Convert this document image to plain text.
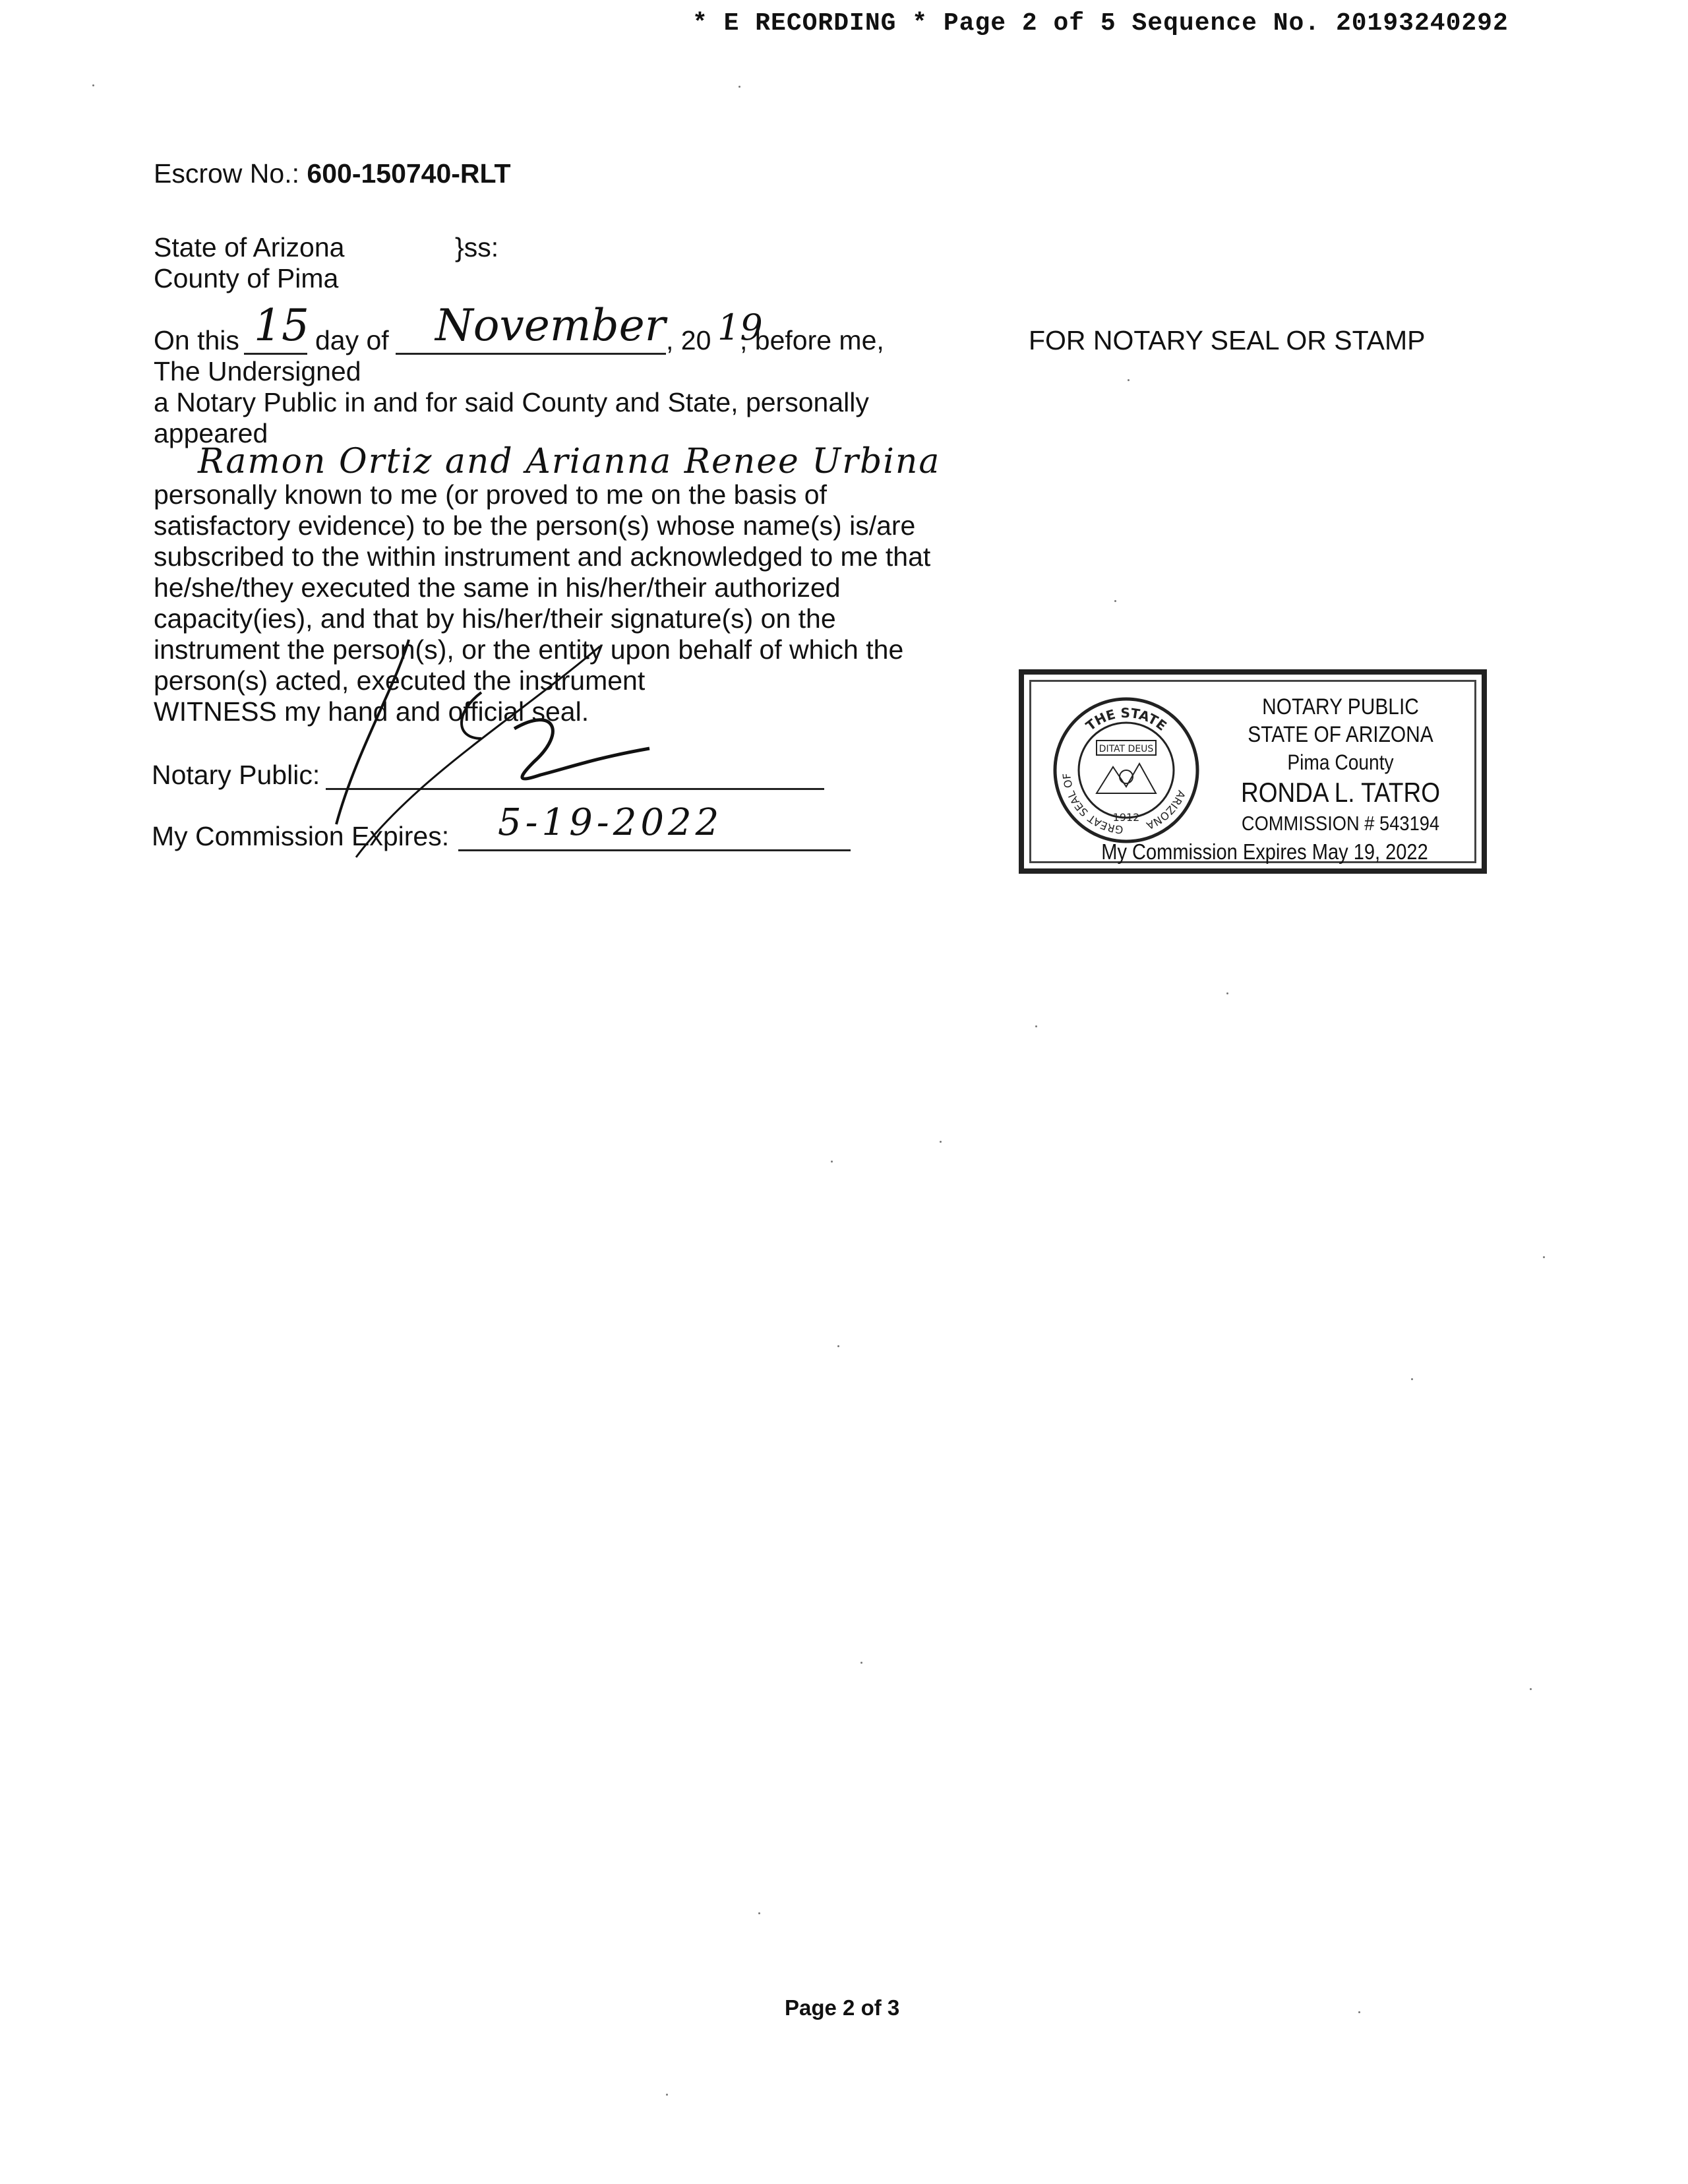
* E RECORDING * Page 2 of 5 Sequence No. 20193240292
Escrow No.: 600-150740-RLT
State of Arizona	}ss:
County of Pima
On this 15 day of November , 20 19
, before me,
The Undersigned
a Notary Public in and for said County and State, personally
appeared
Ramon Ortiz and Arianna Renee Urbina
personally known to me (or proved to me on the basis of
satisfactory evidence) to be the person(s) whose name(s) is/are
subscribed to the within instrument and acknowledged to me that
he/she/they executed the same in his/her/their authorized
capacity(ies), and that by his/her/their signature(s) on the
instrument the person(s), or the entity upon behalf of which the
person(s) acted, executed the instrument
WITNESS my hand and official seal.
Notary Public:
My Commission Expires: 5-19-2022
FOR NOTARY SEAL OR STAMP
THE STATE
GREAT SEAL OF
ARIZONA
DITAT DEUS
1912
NOTARY PUBLIC
STATE OF ARIZONA
Pima County
RONDA L. TATRO
COMMISSION # 543194
My Commission Expires May 19, 2022
Page 2 of 3
